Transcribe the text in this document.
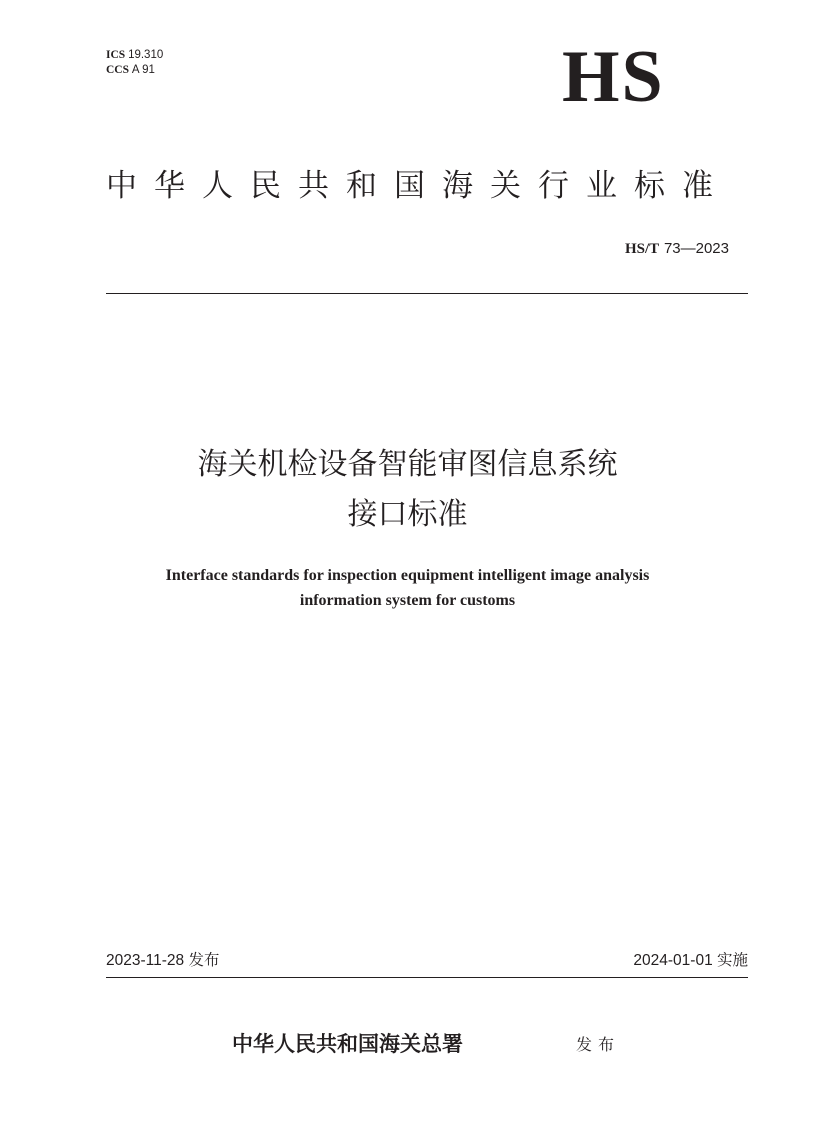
ICS 19.310
CCS A 91	HS
中华人民共和国海关行业标准
HS/T 73—2023
海关机检设备智能审图信息系统
接口标准
Interface standards for inspection equipment intelligent image analysis
information system for customs
2023-11-28 发布	2024-01-01 实施
中华人民共和国海关总署	发布
